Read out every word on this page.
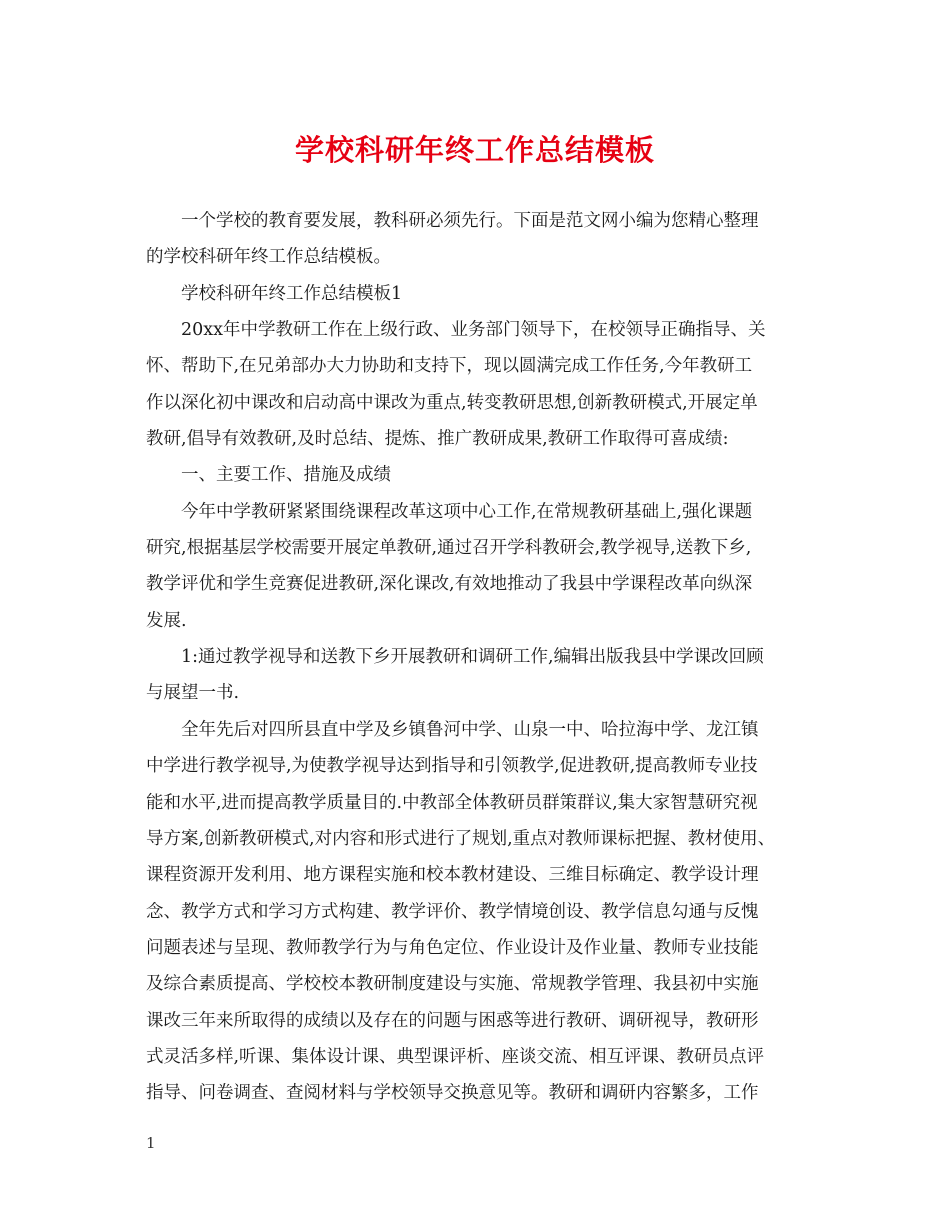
学校科研年终工作总结模板
一个学校的教育要发展，教科研必须先行。下面是范文网小编为您精心整理
的学校科研年终工作总结模板。
学校科研年终工作总结模板1
20xx年中学教研工作在上级行政、业务部门领导下，在校领导正确指导、关
怀、帮助下,在兄弟部办大力协助和支持下，现以圆满完成工作任务,今年教研工
作以深化初中课改和启动高中课改为重点,转变教研思想,创新教研模式,开展定单
教研,倡导有效教研,及时总结、提炼、推广教研成果,教研工作取得可喜成绩:
一、主要工作、措施及成绩
今年中学教研紧紧围绕课程改革这项中心工作,在常规教研基础上,强化课题
研究,根据基层学校需要开展定单教研,通过召开学科教研会,教学视导,送教下乡,
教学评优和学生竞赛促进教研,深化课改,有效地推动了我县中学课程改革向纵深
发展.
1:通过教学视导和送教下乡开展教研和调研工作,编辑出版我县中学课改回顾
与展望一书.
全年先后对四所县直中学及乡镇鲁河中学、山泉一中、哈拉海中学、龙江镇
中学进行教学视导,为使教学视导达到指导和引领教学,促进教研,提高教师专业技
能和水平,进而提高教学质量目的.中教部全体教研员群策群议,集大家智慧研究视
导方案,创新教研模式,对内容和形式进行了规划,重点对教师课标把握、教材使用、
课程资源开发利用、地方课程实施和校本教材建设、三维目标确定、教学设计理
念、教学方式和学习方式构建、教学评价、教学情境创设、教学信息勾通与反愧
问题表述与呈现、教师教学行为与角色定位、作业设计及作业量、教师专业技能
及综合素质提高、学校校本教研制度建设与实施、常规教学管理、我县初中实施
课改三年来所取得的成绩以及存在的问题与困惑等进行教研、调研视导，教研形
式灵活多样,听课、集体设计课、典型课评析、座谈交流、相互评课、教研员点评
指导、问卷调查、查阅材料与学校领导交换意见等。教研和调研内容繁多，工作
1
